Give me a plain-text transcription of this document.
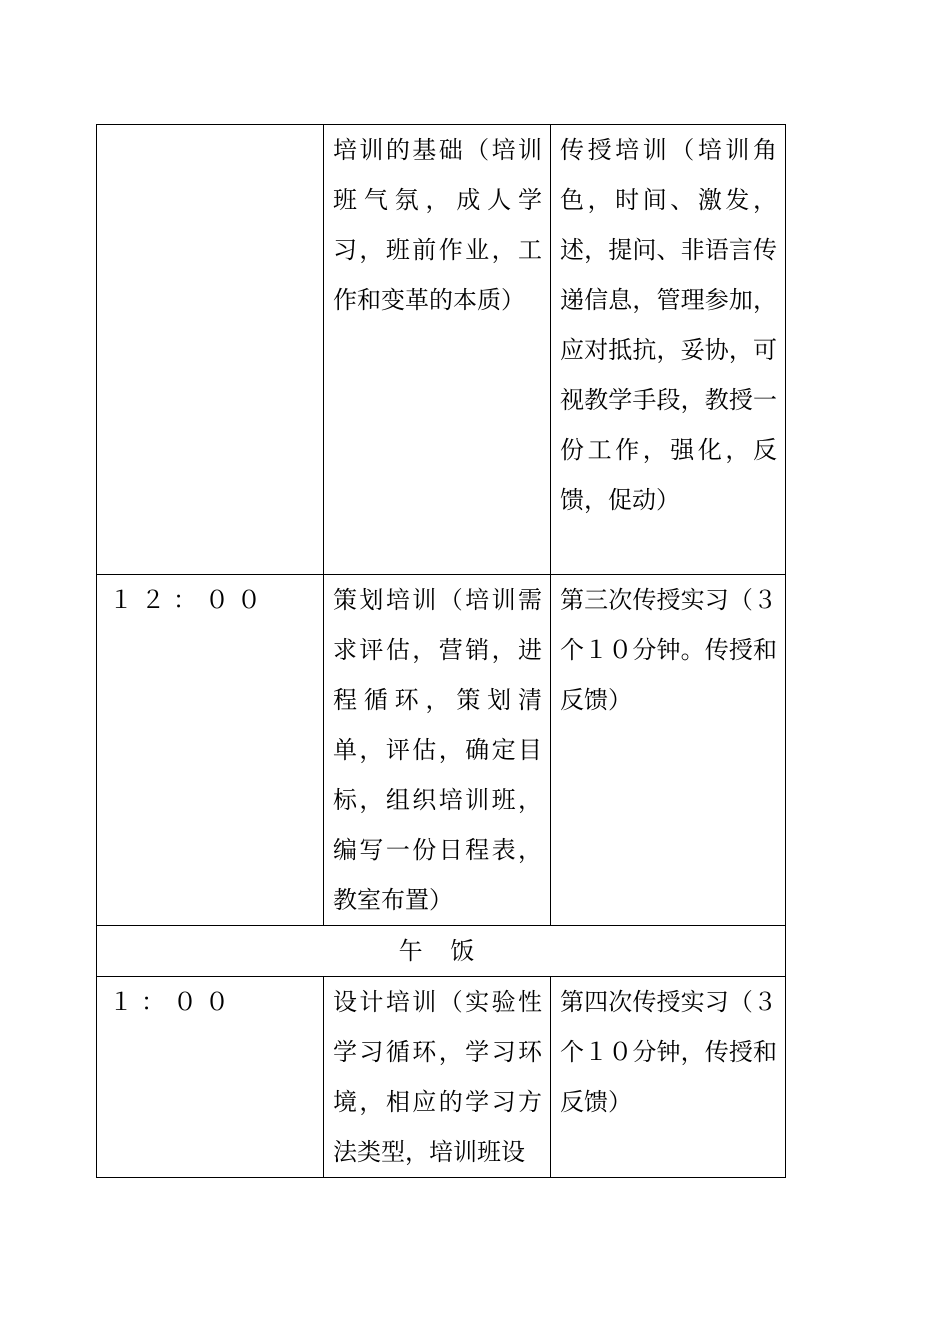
	培训的基础（培训班气氛，成人学习，班前作业，工作和变革的本质）	传授培训（培训角色，时间、激发，述，提问、非语言传递信息，管理参加，应对抵抗，妥协，可视教学手段，教授一份工作，强化，反馈，促动）
１２：００	策划培训（培训需求评估，营销，进程循环，策划清单，评估，确定目标，组织培训班，编写一份日程表，教室布置）	第三次传授实习（３个１０分钟。传授和反馈）
午 饭		
１：００	设计培训（实验性学习循环，学习环境，相应的学习方法类型，培训班设	第四次传授实习（３个１０分钟，传授和反馈）
